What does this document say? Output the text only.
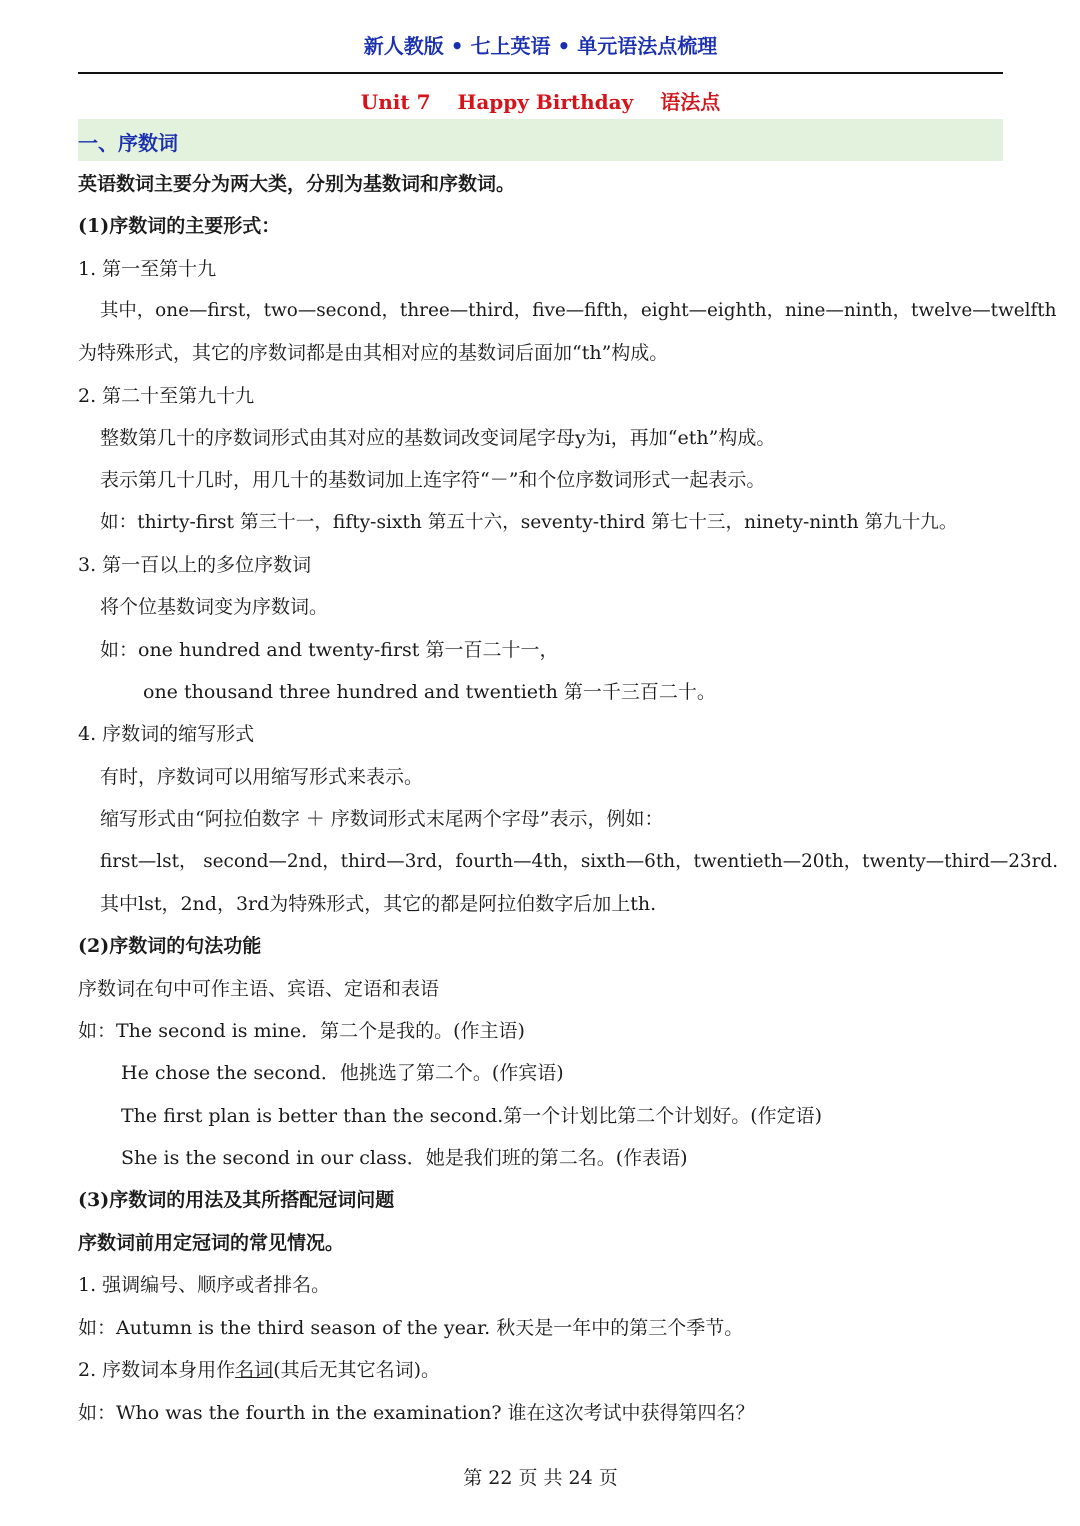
新人教版 • 七上英语 • 单元语法点梳理
Unit 7 Happy Birthday 语法点
一、序数词
英语数词主要分为两大类，分别为基数词和序数词。
(1)序数词的主要形式：
1. 第一至第十九
其中，one—first，two—second，three—third，five—fifth，eight—eighth，nine—ninth，twelve—twelfth
为特殊形式，其它的序数词都是由其相对应的基数词后面加“th”构成。
2. 第二十至第九十九
整数第几十的序数词形式由其对应的基数词改变词尾字母y为i，再加“eth”构成。
表示第几十几时，用几十的基数词加上连字符“－”和个位序数词形式一起表示。
如：thirty-first 第三十一，fifty-sixth 第五十六，seventy-third 第七十三，ninety-ninth 第九十九。
3. 第一百以上的多位序数词
将个位基数词变为序数词。
如：one hundred and twenty-first 第一百二十一，
one thousand three hundred and twentieth 第一千三百二十。
4. 序数词的缩写形式
有时，序数词可以用缩写形式来表示。
缩写形式由“阿拉伯数字 ＋ 序数词形式末尾两个字母”表示，例如：
first—lst， second—2nd，third—3rd，fourth—4th，sixth—6th，twentieth—20th，twenty—third—23rd.
其中lst，2nd，3rd为特殊形式，其它的都是阿拉伯数字后加上th.
(2)序数词的句法功能
序数词在句中可作主语、宾语、定语和表语
如：The second is mine．第二个是我的。(作主语)
He chose the second．他挑选了第二个。(作宾语)
The first plan is better than the second.第一个计划比第二个计划好。(作定语)
She is the second in our class．她是我们班的第二名。(作表语)
(3)序数词的用法及其所搭配冠词问题
序数词前用定冠词的常见情况。
1. 强调编号、顺序或者排名。
如：Autumn is the third season of the year. 秋天是一年中的第三个季节。
2. 序数词本身用作名词(其后无其它名词)。
如：Who was the fourth in the examination? 谁在这次考试中获得第四名？
第 22 页 共 24 页
